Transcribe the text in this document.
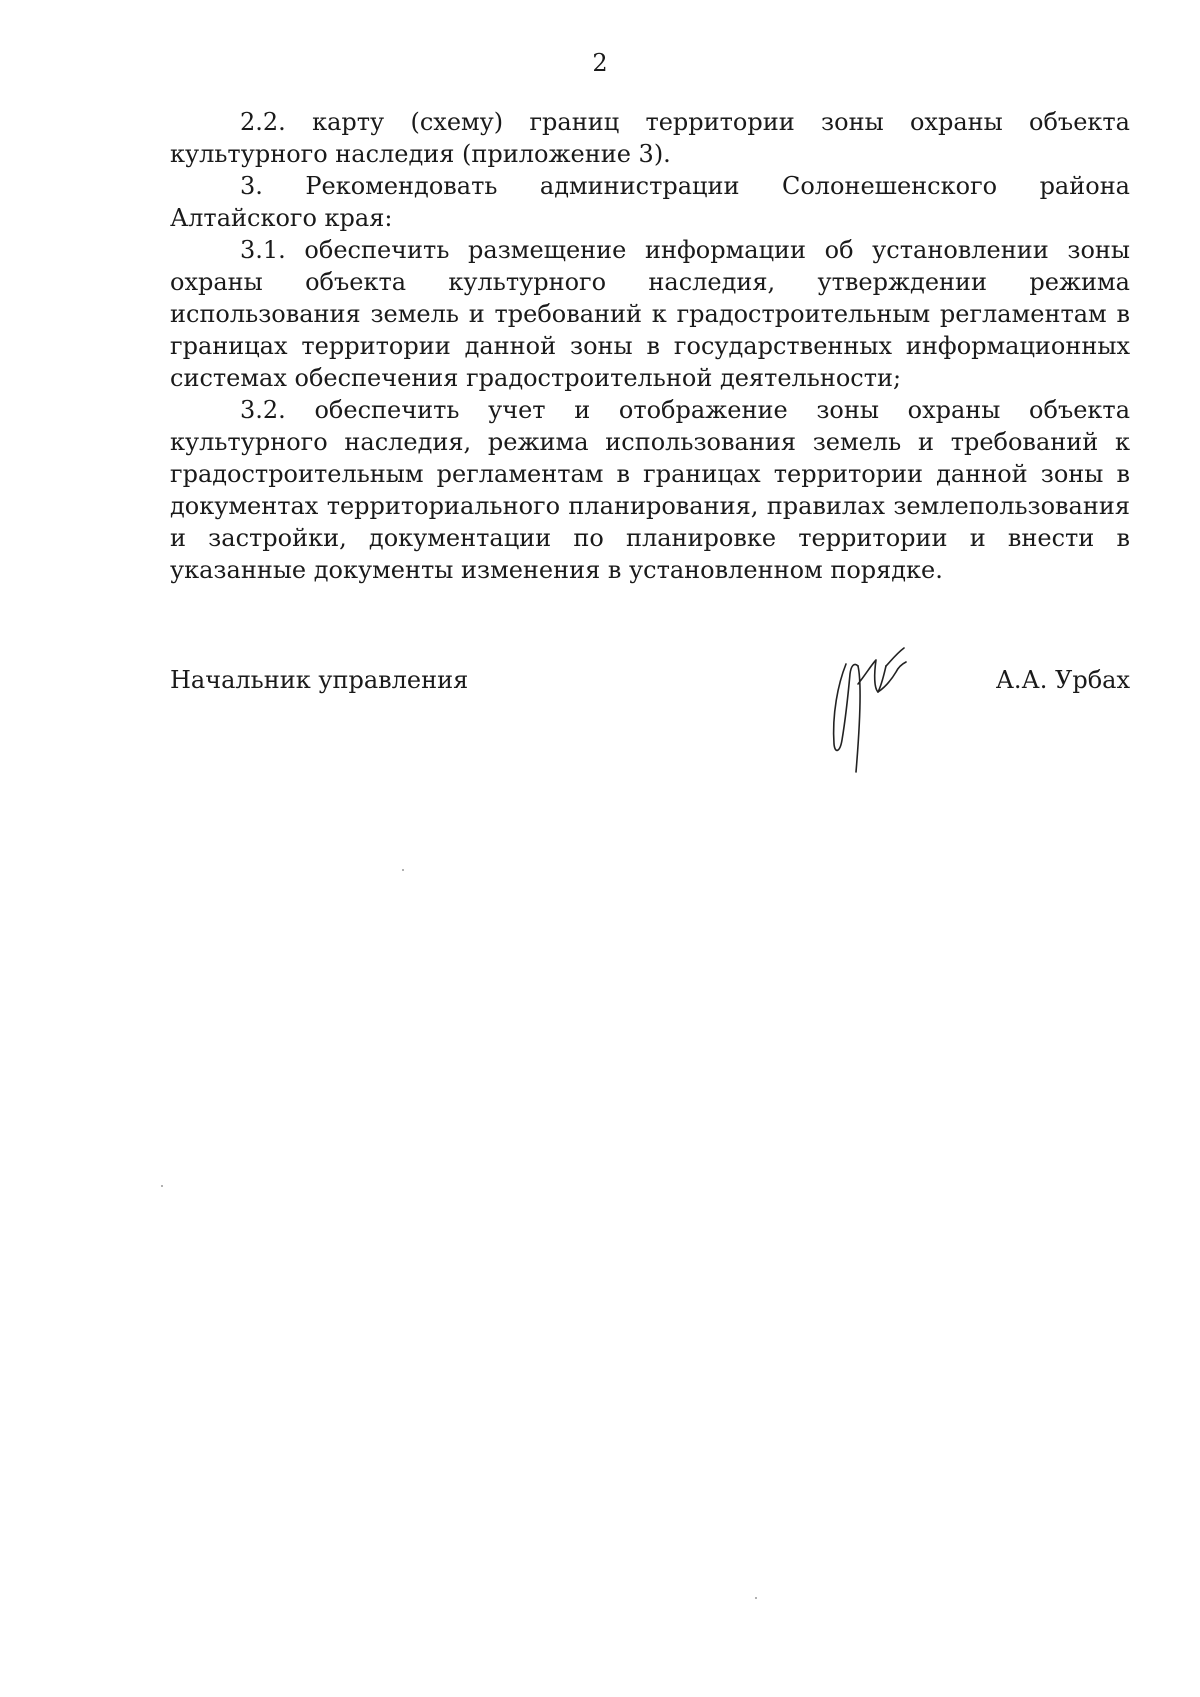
2

2.2. карту (схему) границ территории зоны охраны объекта культурного наследия (приложение 3).

3. Рекомендовать администрации Солонешенского района Алтайского края:

3.1. обеспечить размещение информации об установлении зоны охраны объекта культурного наследия, утверждении режима использования земель и требований к градостроительным регламентам в границах территории данной зоны в государственных информационных системах обеспечения градостроительной деятельности;

3.2. обеспечить учет и отображение зоны охраны объекта культурного наследия, режима использования земель и требований к градостроительным регламентам в границах территории данной зоны в документах территориального планирования, правилах землепользования и застройки, документации по планировке территории и внести в указанные документы изменения в установленном порядке.

Начальник управления	А.А. Урбах
